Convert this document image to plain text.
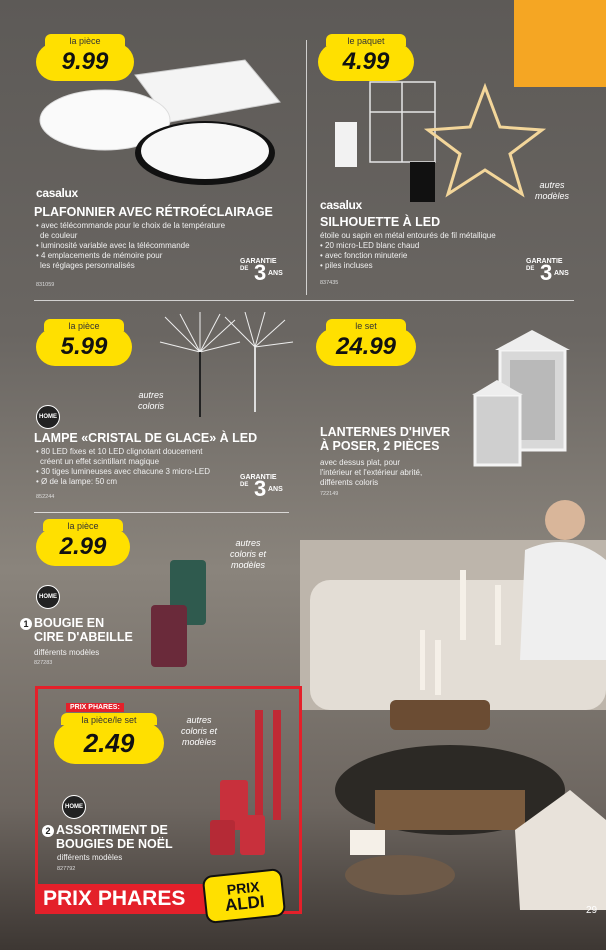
la pièce
9.99
casalux
PLAFONNIER AVEC RÉTROÉCLAIRAGE
• avec télécommande pour le choix de la température
de couleur
• luminosité variable avec la télécommande
• 4 emplacements de mémoire pour
les réglages personnalisés
831059
GARANTIE
DE 3 ANS
le paquet
4.99
autres modèles
casalux
SILHOUETTE À LED
étoile ou sapin en métal entourés de fil métallique
• 20 micro-LED blanc chaud
• avec fonction minuterie
• piles incluses
837435
GARANTIE
DE 3 ANS
la pièce
5.99
autres coloris
HOME
LAMPE «CRISTAL DE GLACE» À LED
• 80 LED fixes et 10 LED clignotant doucement
créent un effet scintillant magique
• 30 tiges lumineuses avec chacune 3 micro-LED
• Ø de la lampe: 50 cm
852244
GARANTIE
DE 3 ANS
le set
24.99
LANTERNES D'HIVER
À POSER, 2 PIÈCES
avec dessus plat, pour
l'intérieur et l'extérieur abrité,
différents coloris
722149
la pièce
2.99	autres coloris et modèles
HOME
1 BOUGIE EN
CIRE D'ABEILLE
différents modèles
827283
PRIX PHARES:
la pièce/le set
2.49
autres coloris et modèles
HOME
2 ASSORTIMENT DE
BOUGIES DE NOËL
différents modèles
827792
PRIX PHARES	PRIX
ALDI	29
